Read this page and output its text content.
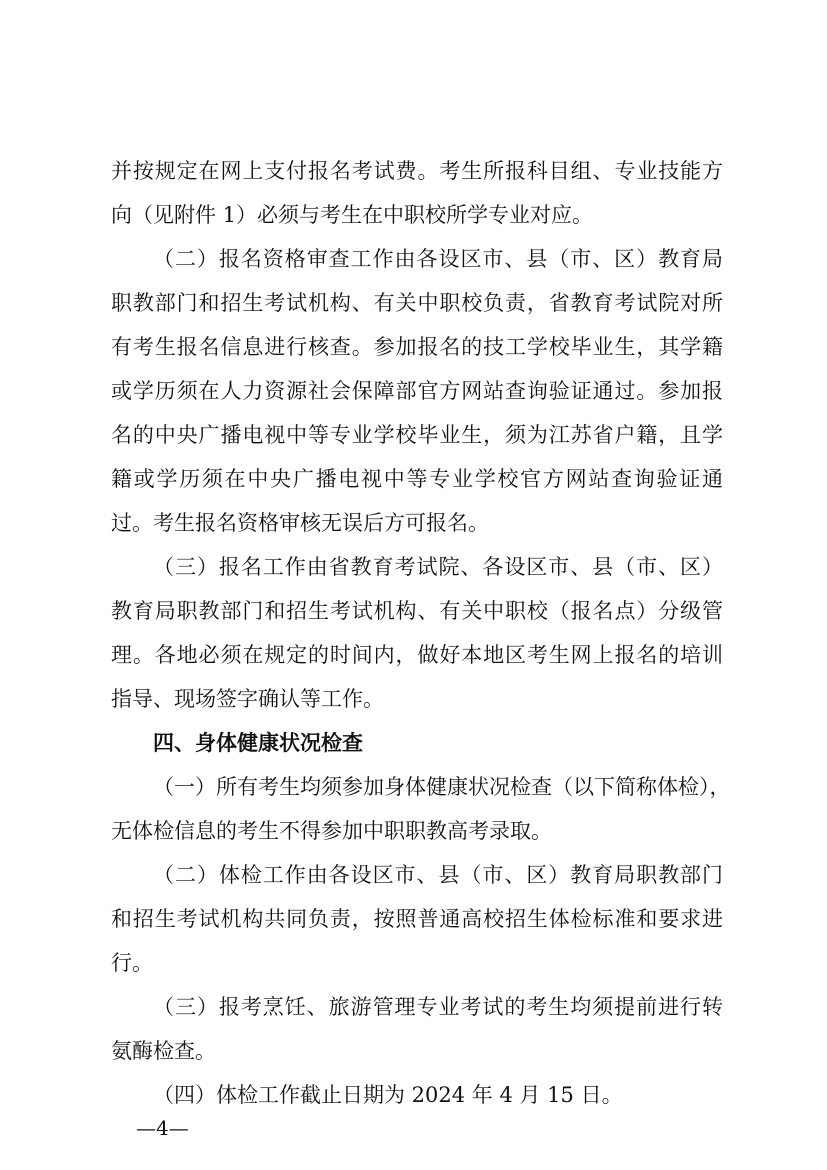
并按规定在网上支付报名考试费。考生所报科目组、专业技能方
向（见附件 1）必须与考生在中职校所学专业对应。
（二）报名资格审查工作由各设区市、县（市、区）教育局
职教部门和招生考试机构、有关中职校负责，省教育考试院对所
有考生报名信息进行核查。参加报名的技工学校毕业生，其学籍
或学历须在人力资源社会保障部官方网站查询验证通过。参加报
名的中央广播电视中等专业学校毕业生，须为江苏省户籍，且学
籍或学历须在中央广播电视中等专业学校官方网站查询验证通
过。考生报名资格审核无误后方可报名。
（三）报名工作由省教育考试院、各设区市、县（市、区）
教育局职教部门和招生考试机构、有关中职校（报名点）分级管
理。各地必须在规定的时间内，做好本地区考生网上报名的培训
指导、现场签字确认等工作。
四、身体健康状况检查
（一）所有考生均须参加身体健康状况检查（以下简称体检），
无体检信息的考生不得参加中职职教高考录取。
（二）体检工作由各设区市、县（市、区）教育局职教部门
和招生考试机构共同负责，按照普通高校招生体检标准和要求进
行。
（三）报考烹饪、旅游管理专业考试的考生均须提前进行转
氨酶检查。
（四）体检工作截止日期为 2024 年 4 月 15 日。
—4—
